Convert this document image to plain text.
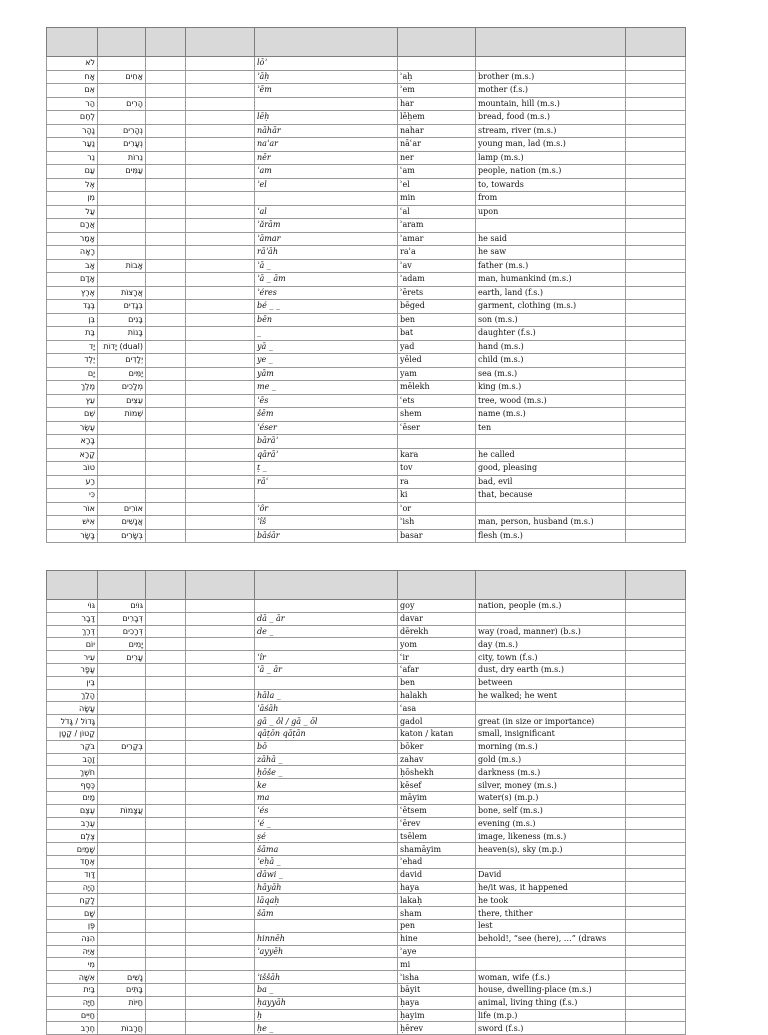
לֹא				lōʾ			
אָח	אַחִים			ʾāḥ	ʾaḥ	brother (m.s.)	
אֵם				ʾēm	ʾem	mother (f.s.)	
הַר	הָרִים				har	mountain, hill (m.s.)	
לֶחֶם				lēḥ	lēḥem	bread, food (m.s.)	
נָהָר	נְהָרִים			nāhār	nahar	stream, river (m.s.)	
נַעַר	נְעָרִים			naʿar	nāʿar	young man, lad (m.s.)	
נֵר	נֵרוֹת			nēr	ner	lamp (m.s.)	
עַם	עַמִּים			ʿam	ʿam	people, nation (m.s.)	
אֶל				ʾel	ʾel	to, towards	
מִן					min	from	
עַל				ʿal	ʿal	upon	
אֲרָם				ʾărām	ʾaram		
אָמַר				ʾāmar	ʾamar	he said	
רָאָה				rāʾāh	raʾa	he saw	
אָב	אָבוֹת			ʾā _	ʾav	father (m.s.)	
אָדָם				ʾā _ ām	ʾadam	man, humankind (m.s.)	
אֶרֶץ	אֲרָצוֹת			ʾéres	ʾērets	earth, land (f.s.)	
בֶּגֶד	בְּגָדִים			bé _ _	bēged	garment, clothing (m.s.)	
בֵּן	בָּנִים			bēn	ben	son (m.s.)	
בַּת	בָּנוֹת			_	bat	daughter (f.s.)	
יָד	(dual) יָדוֹת			yā _	yad	hand (m.s.)	
יֶלֶד	יְלָדִים			ye _	yēled	child (m.s.)	
יָם	יַמִּים			yām	yam	sea (m.s.)	
מֶלֶךְ	מְלָכִים			me _	mēlekh	king (m.s.)	
עֵץ	עֵצִים			ʿēs	ʿets	tree, wood (m.s.)	
שֵׁם	שֵׁמוֹת			šēm	shem	name (m.s.)	
עֶשֶׂר				ʿéser	ʿēser	ten	
בָּרָא				bārāʾ			
קָרָא				qārāʾ	kara	he called	
טוֹב				ṭ _	tov	good, pleasing	
רַע				rāʿ	ra	bad, evil	
כִּי					ki	that, because	
אוֹר	אוֹרִים			ʾôr	ʾor		
אִישׁ	אֲנָשִׁים			ʾîš	ʾish	man, person, husband (m.s.)	
בָּשָׂר	בְּשָׂרִים			bāśār	basar	flesh (m.s.)	

גּוֹי	גּוֹיִם				goy	nation, people (m.s.)	
דָּבָר	דְּבָרִים			dā _ ār	davar		
דֶּרֶךְ	דְּרָכִים			de _	dērekh	way (road, manner) (b.s.)	
יוֹם	יָמִים				yom	day (m.s.)	
עִיר	עָרִים			ʿîr	ʿir	city, town (f.s.)	
עָפָר				ʿā _ ār	ʿafar	dust, dry earth (m.s.)	
בֵּין					ben	between	
הָלַךְ				hāla _	halakh	he walked; he went	
עָשָׂה				ʿāśāh	ʿasa		
גָּדוֹל / גָּדֹל				gā _ ôl / gā _ ōl	gadol	great (in size or importance)	
קָטוֹן / קָטָן				qāṭōn qāṭān	katon / katan	small, insignificant	
בֹּקֶר	בְּקָרִים			bō	bōker	morning (m.s.)	
זָהָב				zāhā _	zahav	gold (m.s.)	
חֹשֶׁךְ				ḥōše _	ḥōshekh	darkness (m.s.)	
כֶּסֶף				ke	kēsef	silver, money (m.s.)	
מַיִם				ma	māyim	water(s) (m.p.)	
עֶצֶם	עֲצָמוֹת			ʿés	ʿētsem	bone, self (m.s.)	
עֶרֶב				ʿé _	ʿērev	evening (m.s.)	
צֶלֶם				ṣé	tsēlem	image, likeness (m.s.)	
שָׁמַיִם				šāma	shamāyim	heaven(s), sky (m.p.)	
אֶחָד				ʾeḥā _	ʾehad		
דָּוִד				dāwi _	david	David	
הָיָה				hāyāh	haya	he/it was, it happened	
לָקַח				lāqaḥ	lakaḥ	he took	
שָׁם				šām	sham	there, thither	
פֶּן					pen	lest	
הִנֵּה				hinnēh	hine	behold!, “see (here), …” (draws	
אַיֵּה				ʾayyēh	ʾaye		
מִי					mi		
אִשָּׁה	נָשִׁים			ʾiššāh	ʾisha	woman, wife (f.s.)	
בַּיִת	בָּתִּים			ba _	bāyit	house, dwelling-place (m.s.)	
חַיָּה	חַיּוֹת			ḥayyāh	ḥaya	animal, living thing (f.s.)	
חַיִּים				ḥ	ḥayim	life (m.p.)	
חֶרֶב	חֲרָבוֹת			ḥe _	ḥērev	sword (f.s.)	
